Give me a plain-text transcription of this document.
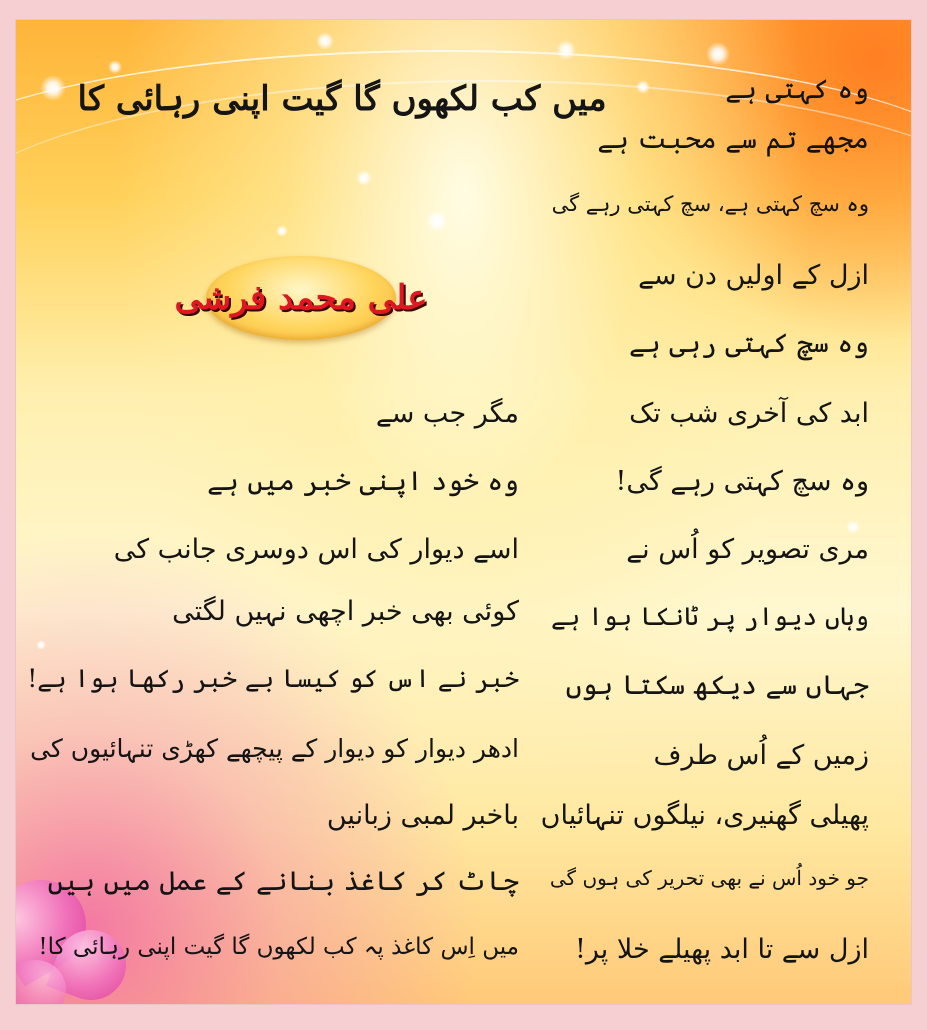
میں کب لکھوں گا گیت اپنی رہائی کا
علی محمد فرشی
وہ کہتی ہے
مجھے تم سے محبت ہے
وہ سچ کہتی ہے، سچ کہتی رہے گی
ازل کے اولیں دن سے
وہ سچ کہتی رہی ہے
ابد کی آخری شب تک
وہ سچ کہتی رہے گی!
مری تصویر کو اُس نے
وہاں دیوار پر ٹانکا ہوا ہے
جہاں سے دیکھ سکتا ہوں
زمیں کے اُس طرف
پھیلی گھنیری، نیلگوں تنہائیاں
جو خود اُس نے بھی تحریر کی ہوں گی
ازل سے تا ابد پھیلے خلا پر!
مگر جب سے
وہ خود اپنی خبر میں ہے
اسے دیوار کی اس دوسری جانب کی
کوئی بھی خبر اچھی نہیں لگتی
خبر نے اس کو کیسا بے خبر رکھا ہوا ہے!
ادھر دیوار کو دیوار کے پیچھے کھڑی تنہائیوں کی
باخبر لمبی زبانیں
چاٹ کر کاغذ بنانے کے عمل میں ہیں
میں اِس کاغذ پہ کب لکھوں گا گیت اپنی رہائی کا!
